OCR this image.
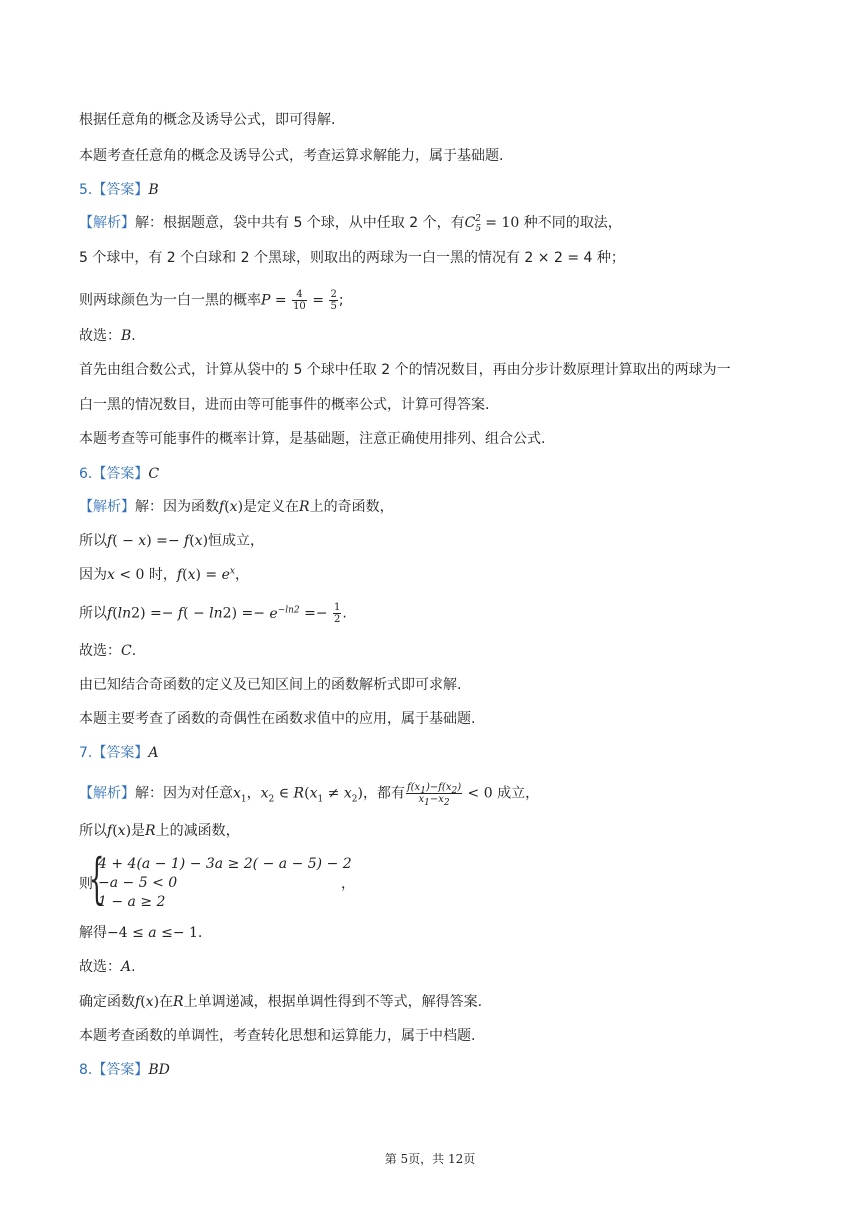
根据任意角的概念及诱导公式，即可得解.
本题考查任意角的概念及诱导公式，考查运算求解能力，属于基础题.
5.【答案】B
【解析】解：根据题意，袋中共有 5 个球，从中任取 2 个，有$C_5^2 = 10$ 种不同的取法，
5 个球中，有 2 个白球和 2 个黑球，则取出的两球为一白一黑的情况有 2 × 2 = 4 种；
则两球颜色为一白一黑的概率$P = \frac{4}{10} = \frac{2}{5}$ ;
故选：B.
首先由组合数公式，计算从袋中的 5 个球中任取 2 个的情况数目，再由分步计数原理计算取出的两球为一
白一黑的情况数目，进而由等可能事件的概率公式，计算可得答案.
本题考查等可能事件的概率计算，是基础题，注意正确使用排列、组合公式.
6.【答案】C
【解析】解：因为函数f(x)是定义在R上的奇函数，
所以f( − x) =− f(x)恒成立，
因为x < 0 时，$f(x) = e^x$，
所以$f(\ln 2) =- f( - \ln 2) =- e^{-ln2} =- \frac{1}{2}$ .
故选：C.
由已知结合奇函数的定义及已知区间上的函数解析式即可求解.
本题主要考查了函数的奇偶性在函数求值中的应用，属于基础题.
7.【答案】A
【解析】解：因为对任意$x_1$，$x_2$ ∈ $R(x_1 \ne x_2)$，都有 $\frac{f(x_1)-f(x_2)}{x_1-x_2} < 0$ 成立，
所以f(x)是R上的减函数，
则
{
4 + 4(a − 1) − 3a ≥ 2( − a − 5) − 2
−a − 5 < 0
1 − a ≥ 2
，
解得−4 ≤ a ≤− 1.
故选：A.
确定函数f(x)在R上单调递减，根据单调性得到不等式，解得答案.
本题考查函数的单调性，考查转化思想和运算能力，属于中档题.
8.【答案】BD
第 5页，共 12页
